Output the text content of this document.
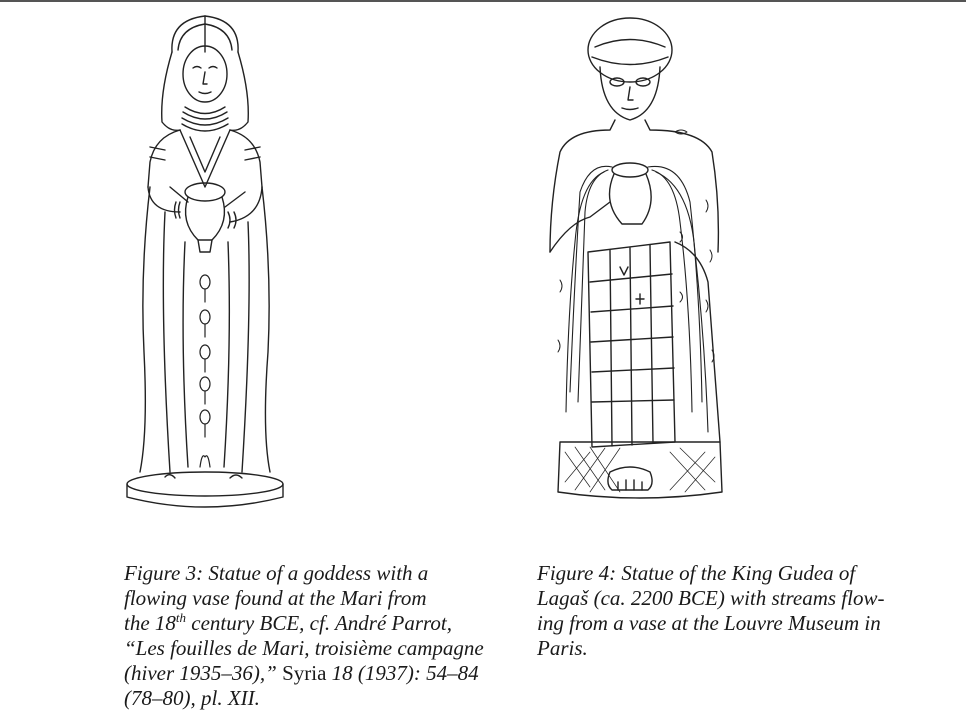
Figure 3: Statue of a goddess with a
flowing vase found at the Mari from
the 18th century BCE, cf. André Parrot,
“Les fouilles de Mari, troisième campagne
(hiver 1935–36),” Syria 18 (1937): 54–84
(78–80), pl. XII.
Figure 4: Statue of the King Gudea of
Lagaš (ca. 2200 BCE) with streams flow-
ing from a vase at the Louvre Museum in
Paris.
